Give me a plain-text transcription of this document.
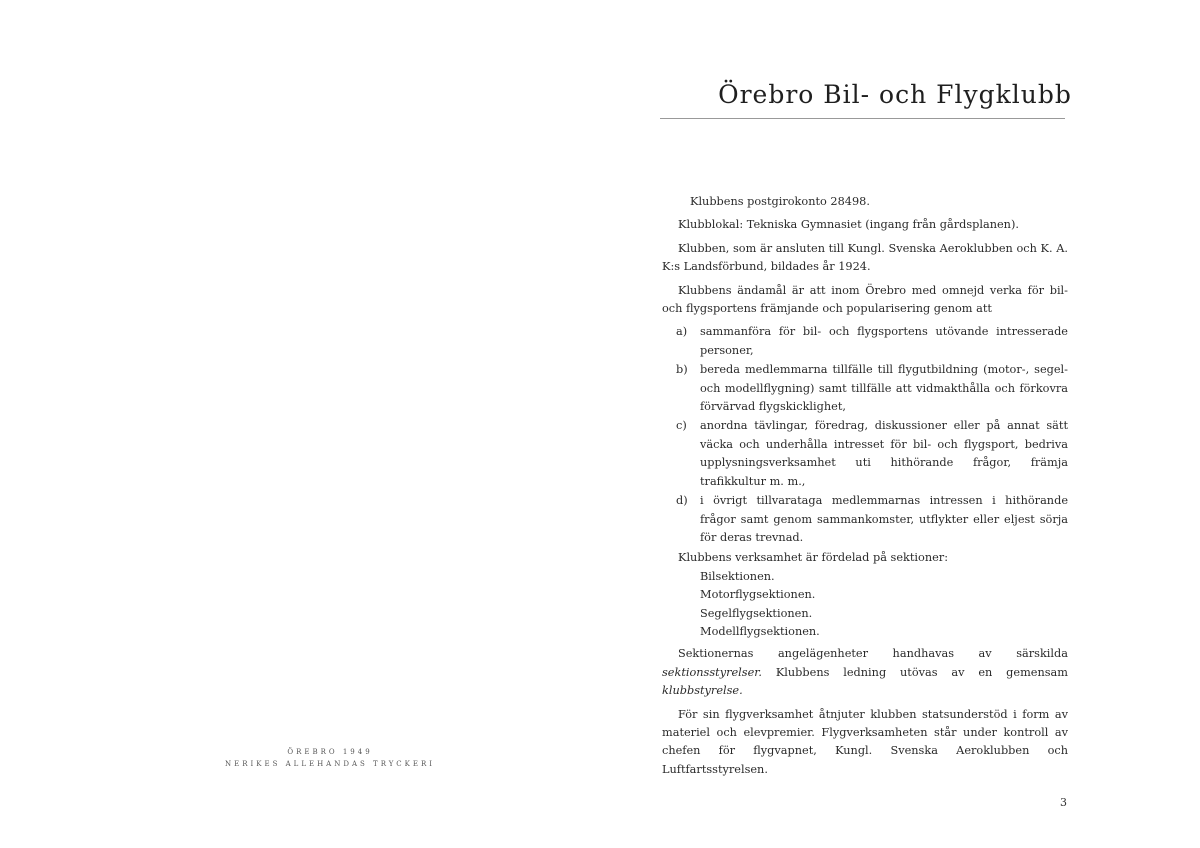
ÖREBRO 1949
NERIKES ALLEHANDAS TRYCKERI
Örebro Bil- och Flygklubb

Klubbens postgirokonto 28498.

Klubblokal: Tekniska Gymnasiet (ingang från gårdsplanen).

Klubben, som är ansluten till Kungl. Svenska Aeroklubben och K. A. K:s Landsförbund, bildades år 1924.

Klubbens ändamål är att inom Örebro med omnejd verka för bil- och flygsportens främjande och popularisering genom att

a)	sammanföra för bil- och flygsportens utövande intresserade personer,
b)	bereda medlemmarna tillfälle till flygutbildning (motor-, segel- och modellflygning) samt tillfälle att vidmakthålla och förkovra förvärvad flygskicklighet,
c)	anordna tävlingar, föredrag, diskussioner eller på annat sätt väcka och underhålla intresset för bil- och flygsport, bedriva upplysningsverksamhet uti hithörande frågor, främja trafikkultur m. m.,
d)	i övrigt tillvaratagа medlemmarnas intressen i hithörande frågor samt genom sammankomster, utflykter eller eljest sörja för deras trevnad.
Klubbens verksamhet är fördelad på sektioner:
Bilsektionen.
Motorflygsektionen.
Segelflygsektionen.
Modellflygsektionen.

Sektionernas angelägenheter handhavas av särskilda sektionsstyrelser. Klubbens ledning utövas av en gemensam klubbstyrelse.

För sin flygverksamhet åtnjuter klubben statsunderstöd i form av materiel och elevpremier. Flygverksamheten står under kontroll av chefen för flygvapnet, Kungl. Svenska Aeroklubben och Luftfartsstyrelsen.

3
